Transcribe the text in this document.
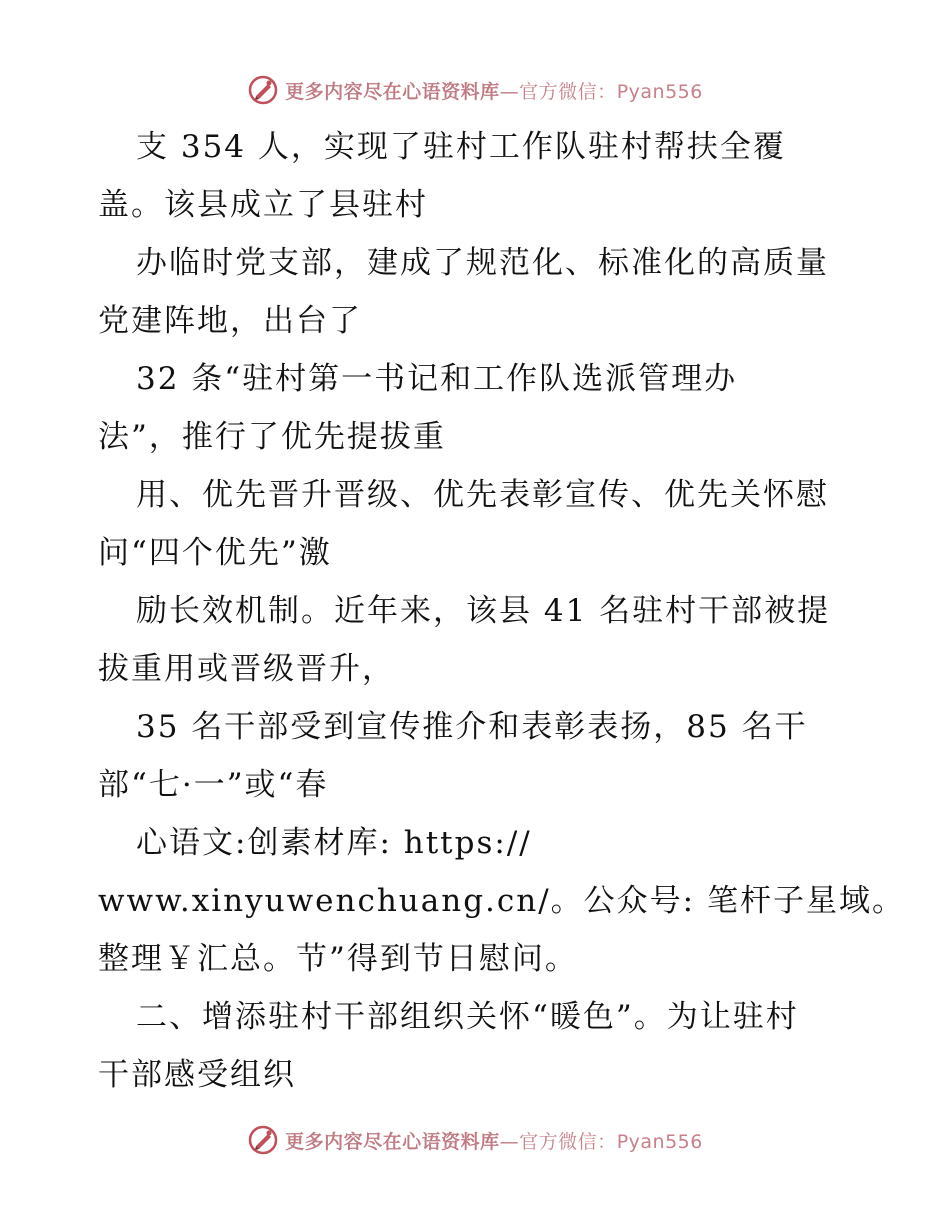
更多内容尽在心语资料库—官方微信：Pyan556
支 354 人，实现了驻村工作队驻村帮扶全覆
盖。该县成立了县驻村
办临时党支部，建成了规范化、标准化的高质量
党建阵地，出台了
32 条“驻村第一书记和工作队选派管理办
法”，推行了优先提拔重
用、优先晋升晋级、优先表彰宣传、优先关怀慰
问“四个优先”激
励长效机制。近年来，该县 41 名驻村干部被提
拔重用或晋级晋升，
35 名干部受到宣传推介和表彰表扬，85 名干
部“七·一”或“春
心语文:创素材库: https://
www.xinyuwenchuang.cn/。公众号: 笔杆子星域。
整理￥汇总。节”得到节日慰问。
二、增添驻村干部组织关怀“暖色”。为让驻村
干部感受组织
更多内容尽在心语资料库—官方微信：Pyan556
